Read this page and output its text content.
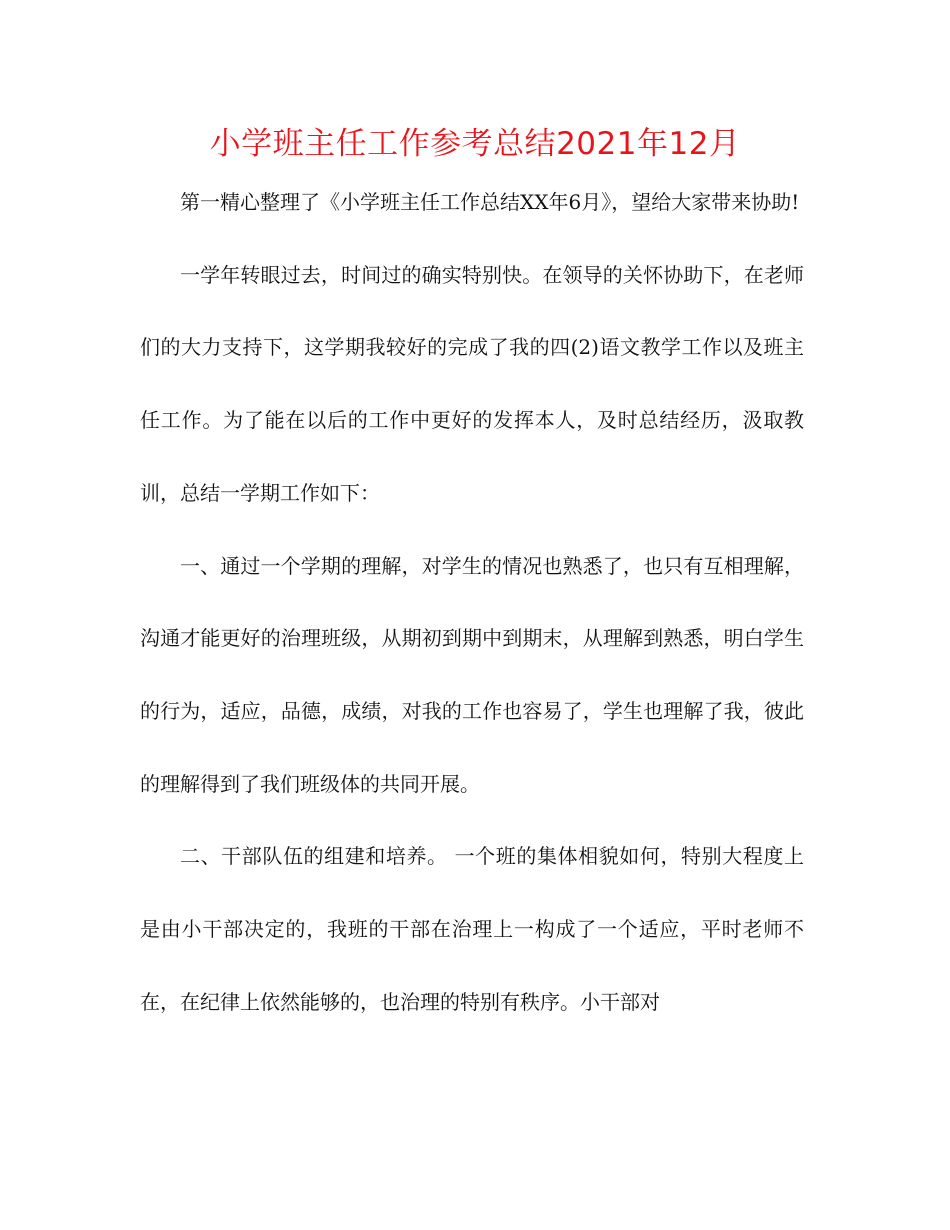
小学班主任工作参考总结2021年12月

第一精心整理了《小学班主任工作总结XX年6月》，望给大家带来协助!

一学年转眼过去，时间过的确实特别快。在领导的关怀协助下，在老师们的大力支持下，这学期我较好的完成了我的四(2)语文教学工作以及班主任工作。为了能在以后的工作中更好的发挥本人，及时总结经历，汲取教训，总结一学期工作如下：

一、通过一个学期的理解，对学生的情况也熟悉了，也只有互相理解，沟通才能更好的治理班级，从期初到期中到期末，从理解到熟悉，明白学生的行为，适应，品德，成绩，对我的工作也容易了，学生也理解了我，彼此的理解得到了我们班级体的共同开展。

二、干部队伍的组建和培养。 一个班的集体相貌如何，特别大程度上是由小干部决定的，我班的干部在治理上一构成了一个适应，平时老师不在，在纪律上依然能够的，也治理的特别有秩序。小干部对
